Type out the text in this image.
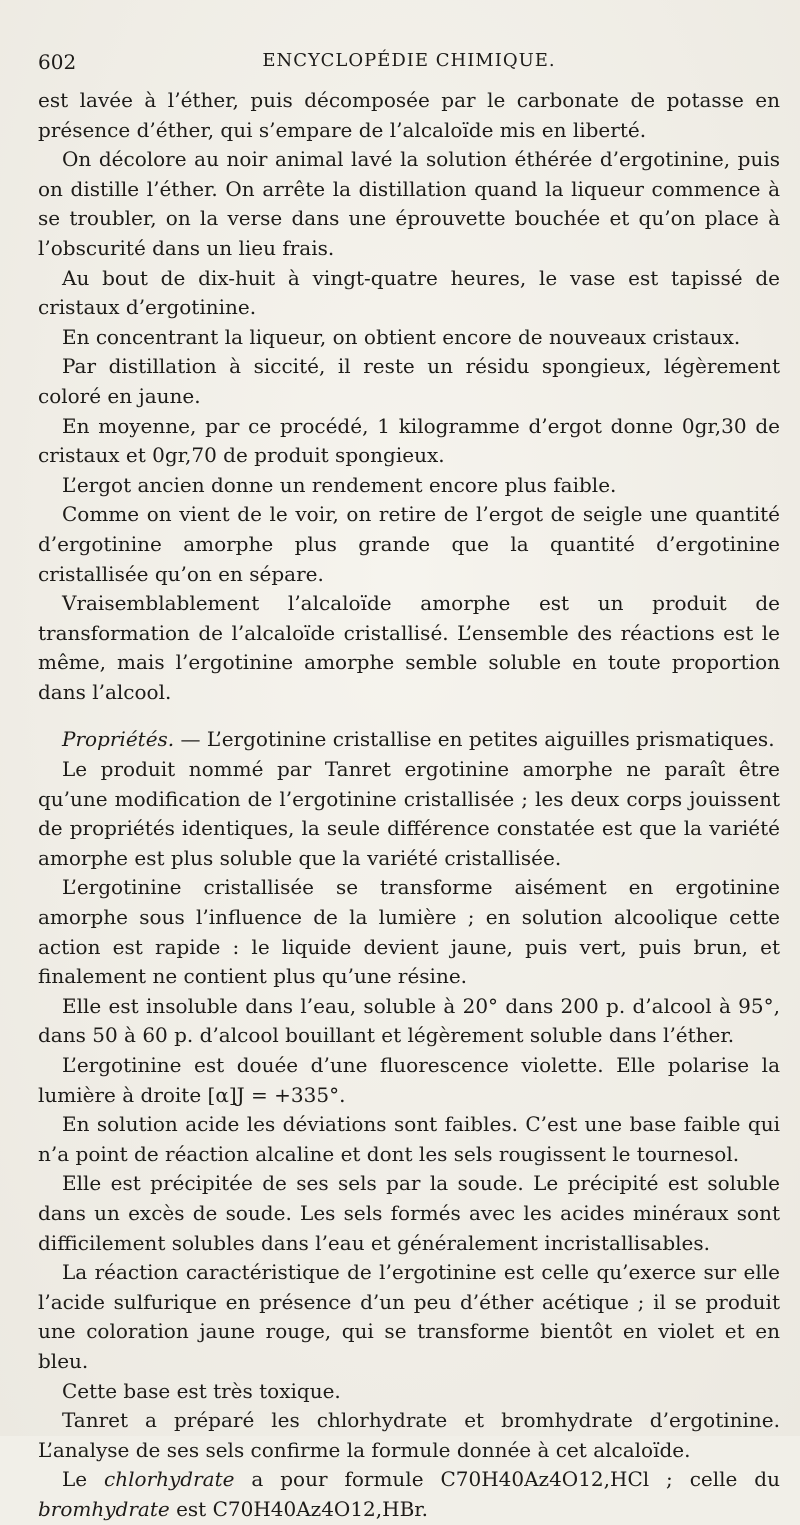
602	ENCYCLOPÉDIE CHIMIQUE.

est lavée à l’éther, puis décomposée par le carbonate de potasse en présence d’éther, qui s’empare de l’alcaloïde mis en liberté.

On décolore au noir animal lavé la solution éthérée d’ergotinine, puis on distille l’éther. On arrête la distillation quand la liqueur commence à se troubler, on la verse dans une éprouvette bouchée et qu’on place à l’obscurité dans un lieu frais.

Au bout de dix-huit à vingt-quatre heures, le vase est tapissé de cristaux d’ergotinine.

En concentrant la liqueur, on obtient encore de nouveaux cristaux.

Par distillation à siccité, il reste un résidu spongieux, légèrement coloré en jaune.

En moyenne, par ce procédé, 1 kilogramme d’ergot donne 0gr,30 de cristaux et 0gr,70 de produit spongieux.

L’ergot ancien donne un rendement encore plus faible.

Comme on vient de le voir, on retire de l’ergot de seigle une quantité d’ergotinine amorphe plus grande que la quantité d’ergotinine cristallisée qu’on en sépare.

Vraisemblablement l’alcaloïde amorphe est un produit de transformation de l’alcaloïde cristallisé. L’ensemble des réactions est le même, mais l’ergotinine amorphe semble soluble en toute proportion dans l’alcool.

Propriétés. — L’ergotinine cristallise en petites aiguilles prismatiques.

Le produit nommé par Tanret ergotinine amorphe ne paraît être qu’une modification de l’ergotinine cristallisée ; les deux corps jouissent de propriétés identiques, la seule différence constatée est que la variété amorphe est plus soluble que la variété cristallisée.

L’ergotinine cristallisée se transforme aisément en ergotinine amorphe sous l’influence de la lumière ; en solution alcoolique cette action est rapide : le liquide devient jaune, puis vert, puis brun, et finalement ne contient plus qu’une résine.

Elle est insoluble dans l’eau, soluble à 20° dans 200 p. d’alcool à 95°, dans 50 à 60 p. d’alcool bouillant et légèrement soluble dans l’éther.

L’ergotinine est douée d’une fluorescence violette. Elle polarise la lumière à droite [α]J = +335°.

En solution acide les déviations sont faibles. C’est une base faible qui n’a point de réaction alcaline et dont les sels rougissent le tournesol.

Elle est précipitée de ses sels par la soude. Le précipité est soluble dans un excès de soude. Les sels formés avec les acides minéraux sont difficilement solubles dans l’eau et généralement incristallisables.

La réaction caractéristique de l’ergotinine est celle qu’exerce sur elle l’acide sulfurique en présence d’un peu d’éther acétique ; il se produit une coloration jaune rouge, qui se transforme bientôt en violet et en bleu.

Cette base est très toxique.

Tanret a préparé les chlorhydrate et bromhydrate d’ergotinine. L’analyse de ses sels confirme la formule donnée à cet alcaloïde.

Le chlorhydrate a pour formule C70H40Az4O12,HCl ; celle du bromhydrate est C70H40Az4O12,HBr.
